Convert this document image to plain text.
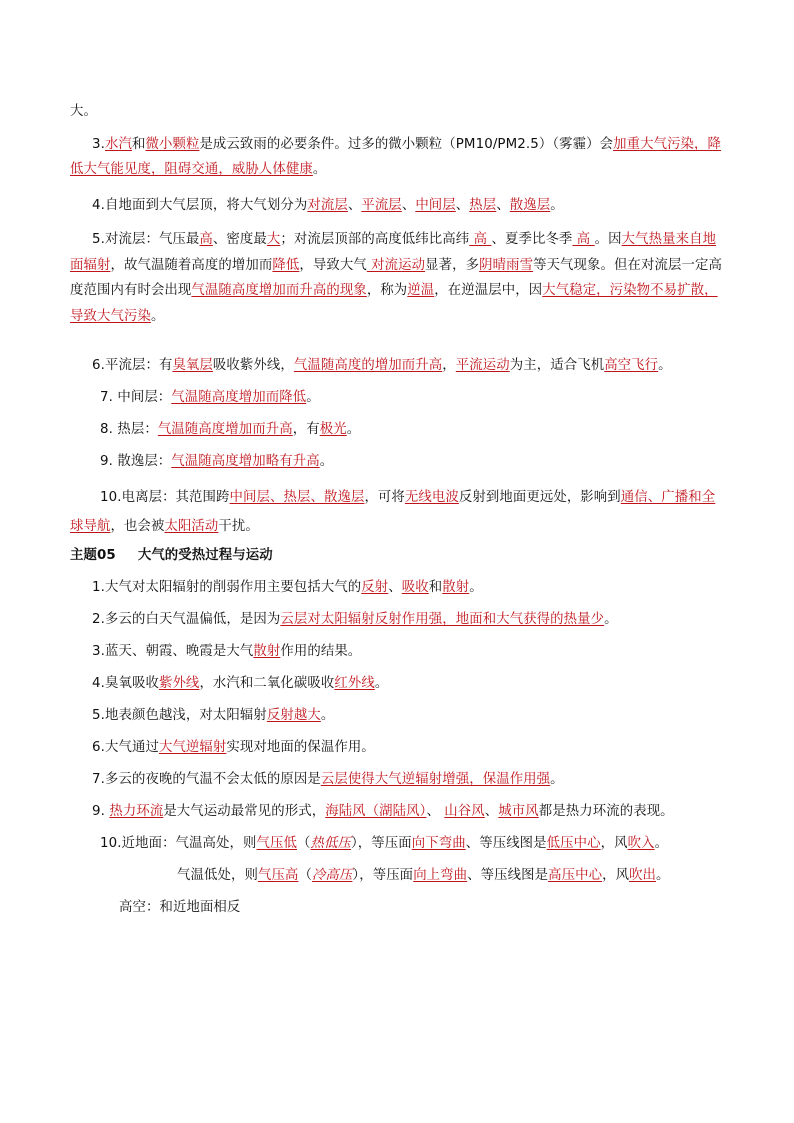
大。
3.水汽和微小颗粒是成云致雨的必要条件。过多的微小颗粒（PM10/PM2.5）（雾霾）会加重大气污染，降低大气能见度，阻碍交通，威胁人体健康。
4.自地面到大气层顶，将大气划分为对流层、平流层、中间层、热层、散逸层。
5.对流层：气压最高、密度最大；对流层顶部的高度低纬比高纬 高 、夏季比冬季 高 。因大气热量来自地面辐射，故气温随着高度的增加而降低，导致大气 对流运动显著，多阴晴雨雪等天气现象。但在对流层一定高度范围内有时会出现气温随高度增加而升高的现象，称为逆温，在逆温层中，因大气稳定，污染物不易扩散，导致大气污染。
6.平流层：有臭氧层吸收紫外线，气温随高度的增加而升高，平流运动为主，适合飞机高空飞行。
7. 中间层：气温随高度增加而降低。
8. 热层：气温随高度增加而升高，有极光。
9. 散逸层：气温随高度增加略有升高。
10.电离层：其范围跨中间层、热层、散逸层，可将无线电波反射到地面更远处，影响到通信、广播和全球导航，也会被太阳活动干扰。
主题05 大气的受热过程与运动
1.大气对太阳辐射的削弱作用主要包括大气的反射、吸收和散射。
2.多云的白天气温偏低，是因为云层对太阳辐射反射作用强，地面和大气获得的热量少。
3.蓝天、朝霞、晚霞是大气散射作用的结果。
4.臭氧吸收紫外线，水汽和二氧化碳吸收红外线。
5.地表颜色越浅，对太阳辐射反射越大。
6.大气通过大气逆辐射实现对地面的保温作用。
7.多云的夜晚的气温不会太低的原因是云层使得大气逆辐射增强，保温作用强。
9. 热力环流是大气运动最常见的形式，海陆风（湖陆风）、 山谷风、城市风都是热力环流的表现。
10.近地面：气温高处，则气压低（热低压），等压面向下弯曲、等压线图是低压中心，风吹入。
气温低处，则气压高（冷高压），等压面向上弯曲、等压线图是高压中心，风吹出。
高空：和近地面相反
